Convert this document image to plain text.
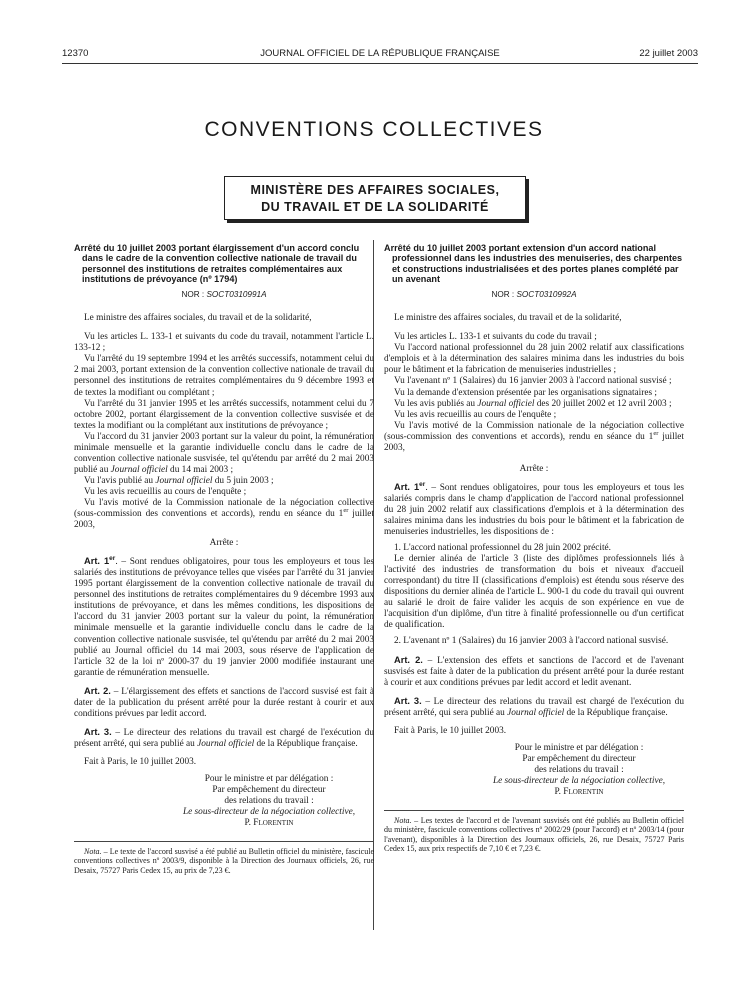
12370	JOURNAL OFFICIEL DE LA RÉPUBLIQUE FRANÇAISE	22 juillet 2003
CONVENTIONS COLLECTIVES
MINISTÈRE DES AFFAIRES SOCIALES,
DU TRAVAIL ET DE LA SOLIDARITÉ
Arrêté du 10 juillet 2003 portant élargissement d'un accord conclu dans le cadre de la convention collective nationale de travail du personnel des institutions de retraites complémentaires aux institutions de prévoyance (nº 1794)
NOR : SOCT0310991A

Le ministre des affaires sociales, du travail et de la solidarité,

Vu les articles L. 133-1 et suivants du code du travail, notamment l'article L. 133-12 ;

Vu l'arrêté du 19 septembre 1994 et les arrêtés successifs, notamment celui du 2 mai 2003, portant extension de la convention collective nationale de travail du personnel des institutions de retraites complémentaires du 9 décembre 1993 et de textes la modifiant ou complétant ;

Vu l'arrêté du 31 janvier 1995 et les arrêtés successifs, notamment celui du 7 octobre 2002, portant élargissement de la convention collective susvisée et de textes la modifiant ou la complétant aux institutions de prévoyance ;

Vu l'accord du 31 janvier 2003 portant sur la valeur du point, la rémunération minimale mensuelle et la garantie individuelle conclu dans le cadre de la convention collective nationale susvisée, tel qu'étendu par arrêté du 2 mai 2003 publié au Journal officiel du 14 mai 2003 ;

Vu l'avis publié au Journal officiel du 5 juin 2003 ;

Vu les avis recueillis au cours de l'enquête ;

Vu l'avis motivé de la Commission nationale de la négociation collective (sous-commission des conventions et accords), rendu en séance du 1er juillet 2003,

Arrête :

Art. 1er. – Sont rendues obligatoires, pour tous les employeurs et tous les salariés des institutions de prévoyance telles que visées par l'arrêté du 31 janvier 1995 portant élargissement de la convention collective nationale de travail du personnel des institutions de retraites complémentaires du 9 décembre 1993 aux institutions de prévoyance, et dans les mêmes conditions, les dispositions de l'accord du 31 janvier 2003 portant sur la valeur du point, la rémunération minimale mensuelle et la garantie individuelle conclu dans le cadre de la convention collective nationale susvisée, tel qu'étendu par arrêté du 2 mai 2003 publié au Journal officiel du 14 mai 2003, sous réserve de l'application de l'article 32 de la loi nº 2000-37 du 19 janvier 2000 modifiée instaurant une garantie de rémunération mensuelle.

Art. 2. – L'élargissement des effets et sanctions de l'accord susvisé est fait à dater de la publication du présent arrêté pour la durée restant à courir et aux conditions prévues par ledit accord.

Art. 3. – Le directeur des relations du travail est chargé de l'exécution du présent arrêté, qui sera publié au Journal officiel de la République française.

Fait à Paris, le 10 juillet 2003.

Pour le ministre et par délégation :
Par empêchement du directeur
des relations du travail :
Le sous-directeur de la négociation collective,
P. Florentin

Nota. – Le texte de l'accord susvisé a été publié au Bulletin officiel du ministère, fascicule conventions collectives nº 2003/9, disponible à la Direction des Journaux officiels, 26, rue Desaix, 75727 Paris Cedex 15, au prix de 7,23 €.

Arrêté du 10 juillet 2003 portant extension d'un accord national professionnel dans les industries des menuiseries, des charpentes et constructions industrialisées et des portes planes complété par un avenant
NOR : SOCT0310992A

Le ministre des affaires sociales, du travail et de la solidarité,

Vu les articles L. 133-1 et suivants du code du travail ;

Vu l'accord national professionnel du 28 juin 2002 relatif aux classifications d'emplois et à la détermination des salaires minima dans les industries du bois pour le bâtiment et la fabrication de menuiseries industrielles ;

Vu l'avenant nº 1 (Salaires) du 16 janvier 2003 à l'accord national susvisé ;

Vu la demande d'extension présentée par les organisations signataires ;

Vu les avis publiés au Journal officiel des 20 juillet 2002 et 12 avril 2003 ;

Vu les avis recueillis au cours de l'enquête ;

Vu l'avis motivé de la Commission nationale de la négociation collective (sous-commission des conventions et accords), rendu en séance du 1er juillet 2003,

Arrête :

Art. 1er. – Sont rendues obligatoires, pour tous les employeurs et tous les salariés compris dans le champ d'application de l'accord national professionnel du 28 juin 2002 relatif aux classifications d'emplois et à la détermination des salaires minima dans les industries du bois pour le bâtiment et la fabrication de menuiseries industrielles, les dispositions de :

1. L'accord national professionnel du 28 juin 2002 précité.

Le dernier alinéa de l'article 3 (liste des diplômes professionnels liés à l'activité des industries de transformation du bois et niveaux d'accueil correspondant) du titre II (classifications d'emplois) est étendu sous réserve des dispositions du dernier alinéa de l'article L. 900-1 du code du travail qui ouvrent au salarié le droit de faire valider les acquis de son expérience en vue de l'acquisition d'un diplôme, d'un titre à finalité professionnelle ou d'un certificat de qualification.

2. L'avenant nº 1 (Salaires) du 16 janvier 2003 à l'accord national susvisé.

Art. 2. – L'extension des effets et sanctions de l'accord et de l'avenant susvisés est faite à dater de la publication du présent arrêté pour la durée restant à courir et aux conditions prévues par ledit accord et ledit avenant.

Art. 3. – Le directeur des relations du travail est chargé de l'exécution du présent arrêté, qui sera publié au Journal officiel de la République française.

Fait à Paris, le 10 juillet 2003.

Pour le ministre et par délégation :
Par empêchement du directeur
des relations du travail :
Le sous-directeur de la négociation collective,
P. Florentin

Nota. – Les textes de l'accord et de l'avenant susvisés ont été publiés au Bulletin officiel du ministère, fascicule conventions collectives nº 2002/29 (pour l'accord) et nº 2003/14 (pour l'avenant), disponibles à la Direction des Journaux officiels, 26, rue Desaix, 75727 Paris Cedex 15, aux prix respectifs de 7,10 € et 7,23 €.
